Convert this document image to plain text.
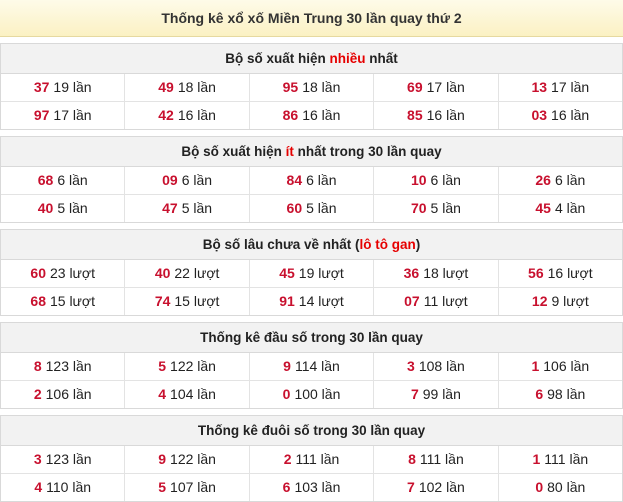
Thống kê xổ xố Miền Trung 30 lần quay thứ 2
Bộ số xuất hiện nhiều nhất
37 19 lần	49 18 lần	95 18 lần	69 17 lần	13 17 lần
97 17 lần	42 16 lần	86 16 lần	85 16 lần	03 16 lần
Bộ số xuất hiện ít nhất trong 30 lần quay
68 6 lần	09 6 lần	84 6 lần	10 6 lần	26 6 lần
40 5 lần	47 5 lần	60 5 lần	70 5 lần	45 4 lần
Bộ số lâu chưa về nhất (lô tô gan)
60 23 lượt	40 22 lượt	45 19 lượt	36 18 lượt	56 16 lượt
68 15 lượt	74 15 lượt	91 14 lượt	07 11 lượt	12 9 lượt
Thống kê đầu số trong 30 lần quay
8 123 lần	5 122 lần	9 114 lần	3 108 lần	1 106 lần
2 106 lần	4 104 lần	0 100 lần	7 99 lần	6 98 lần
Thống kê đuôi số trong 30 lần quay
3 123 lần	9 122 lần	2 111 lần	8 111 lần	1 111 lần
4 110 lần	5 107 lần	6 103 lần	7 102 lần	0 80 lần
